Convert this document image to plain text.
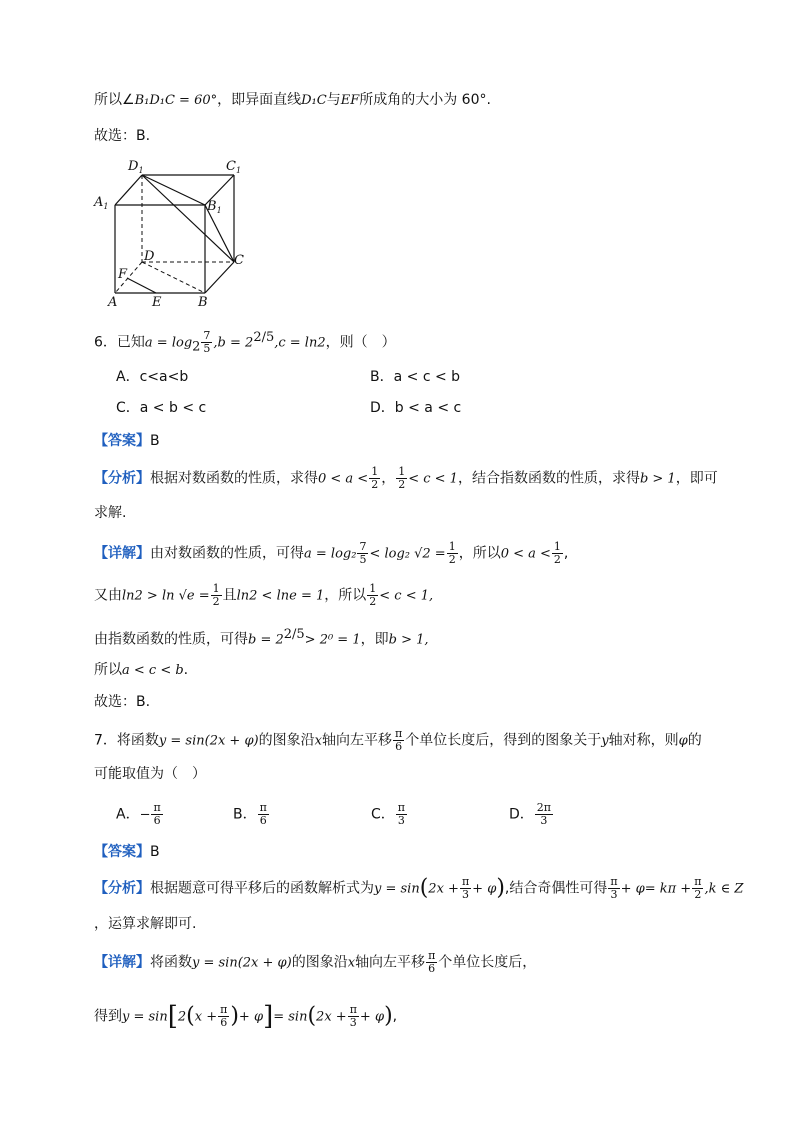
所以∠B₁D₁C = 60°，即异面直线D₁C与EF所成角的大小为 60°.
故选：B.
$D_1$	$C_1$
$A_1$	$B_1$
D	C
F
A	E	B
6．已知$a = \log_2 \frac{7}{5} ,b = 2^{2/5},c = \ln 2$，则（　）
A．c<a<b	B．a < c < b
C．a < b < c	D．b < a < c
【答案】B
【分析】根据对数函数的性质，求得$0 < a < \frac{1}{2}$ ， $\frac{1}{2} < c < 1$，结合指数函数的性质，求得b > 1，即可
求解.
【详解】由对数函数的性质，可得$a = \log_2 \frac{7}{5} < \log_2$ $√2 = \frac{1}{2}$ ，所以$0 < a < \frac{1}{2}$ ,
又由$\ln 2 > \ln √e = \frac{1}{2}$ 且ln2 < lne = 1，所以 $\frac{1}{2} < c < 1$,
由指数函数的性质，可得$b = 2^{2/5}> 2^0 = 1$，即b > 1,
所以a < c < b.
故选：B.
7．将函数y = sin(2x + φ)的图象沿x轴向左平移 $\frac{\pi}{6}$ 个单位长度后，得到的图象关于y轴对称，则φ的
可能取值为（　）
A．− $\frac{\pi}{6}$	B． $\frac{\pi}{6}$	C． $\frac{\pi}{3}$	D． $\frac{2\pi}{3}$
【答案】B
【分析】根据题意可得平移后的函数解析式为$y = \sin(2x + \frac{\pi}{3} + \varphi)$,结合奇偶性可得 $\frac{\pi}{3} + \varphi= k\pi + \frac{\pi}{2} ,k$ ∈ Z
，运算求解即可.
【详解】将函数y = sin(2x + φ)的图象沿x轴向左平移 $\frac{\pi}{6}$ 个单位长度后，
得到$y = \sin[2(x + \frac{\pi}{6}$ )+ $\varphi]= \sin(2x + \frac{\pi}{3} + \varphi)$,
